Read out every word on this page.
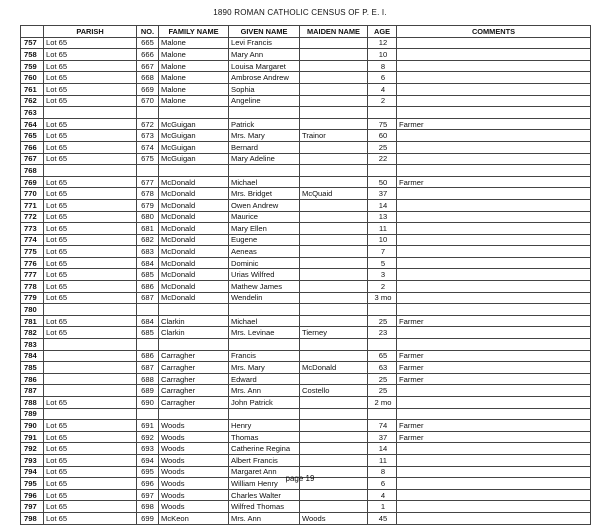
1890 ROMAN CATHOLIC CENSUS OF P. E. I.
	PARISH	NO.	FAMILY NAME	GIVEN NAME	MAIDEN NAME	AGE	COMMENTS
757	Lot 65	665	Malone	Levi Francis		12	
758	Lot 65	666	Malone	Mary Ann		10	
759	Lot 65	667	Malone	Louisa Margaret		8	
760	Lot 65	668	Malone	Ambrose Andrew		6	
761	Lot 65	669	Malone	Sophia		4	
762	Lot 65	670	Malone	Angeline		2	
763							
764	Lot 65	672	McGuigan	Patrick		75	Farmer
765	Lot 65	673	McGuigan	Mrs. Mary	Trainor	60	
766	Lot 65	674	McGuigan	Bernard		25	
767	Lot 65	675	McGuigan	Mary Adeline		22	
768							
769	Lot 65	677	McDonald	Michael		50	Farmer
770	Lot 65	678	McDonald	Mrs. Bridget	McQuaid	37	
771	Lot 65	679	McDonald	Owen Andrew		14	
772	Lot 65	680	McDonald	Maurice		13	
773	Lot 65	681	McDonald	Mary Ellen		11	
774	Lot 65	682	McDonald	Eugene		10	
775	Lot 65	683	McDonald	Aeneas		7	
776	Lot 65	684	McDonald	Dominic		5	
777	Lot 65	685	McDonald	Urias Wilfred		3	
778	Lot 65	686	McDonald	Mathew James		2	
779	Lot 65	687	McDonald	Wendelin		3 mo	
780							
781	Lot 65	684	Clarkin	Michael		25	Farmer
782	Lot 65	685	Clarkin	Mrs. Levinae	Tierney	23	
783							
784		686	Carragher	Francis		65	Farmer
785		687	Carragher	Mrs. Mary	McDonald	63	Farmer
786		688	Carragher	Edward		25	Farmer
787		689	Carragher	Mrs. Ann	Costello	25	
788	Lot 65	690	Carragher	John Patrick		2 mo	
789							
790	Lot 65	691	Woods	Henry		74	Farmer
791	Lot 65	692	Woods	Thomas		37	Farmer
792	Lot 65	693	Woods	Catherine Regina		14	
793	Lot 65	694	Woods	Albert Francis		11	
794	Lot 65	695	Woods	Margaret Ann		8	
795	Lot 65	696	Woods	William Henry		6	
796	Lot 65	697	Woods	Charles Walter		4	
797	Lot 65	698	Woods	Wilfred Thomas		1	
798	Lot 65	699	McKeon	Mrs. Ann	Woods	45	
page 19
